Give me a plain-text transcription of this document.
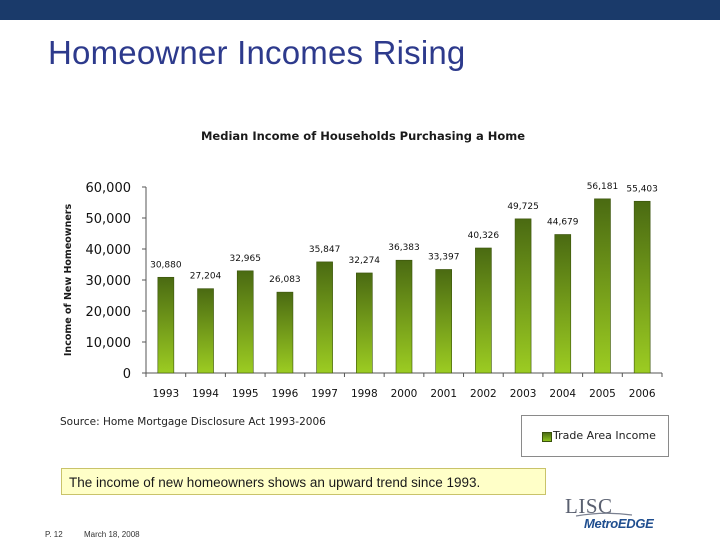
Homeowner Incomes Rising
Median Income of Households Purchasing a Home
Income of New Homeowners
0
10,000
20,000
30,000
40,000
50,000
60,000
1993
30,880
1994
27,204
1995
32,965
1996
26,083
1997
35,847
1998
32,274
2000
36,383
2001
33,397
2002
40,326
2003
49,725
2004
44,679
2005
56,181
2006
55,403
Source: Home Mortgage Disclosure Act 1993-2006
Trade Area Income
The income of new homeowners shows an upward trend since 1993.
LISC
MetroEDGE
P. 12	March 18, 2008
